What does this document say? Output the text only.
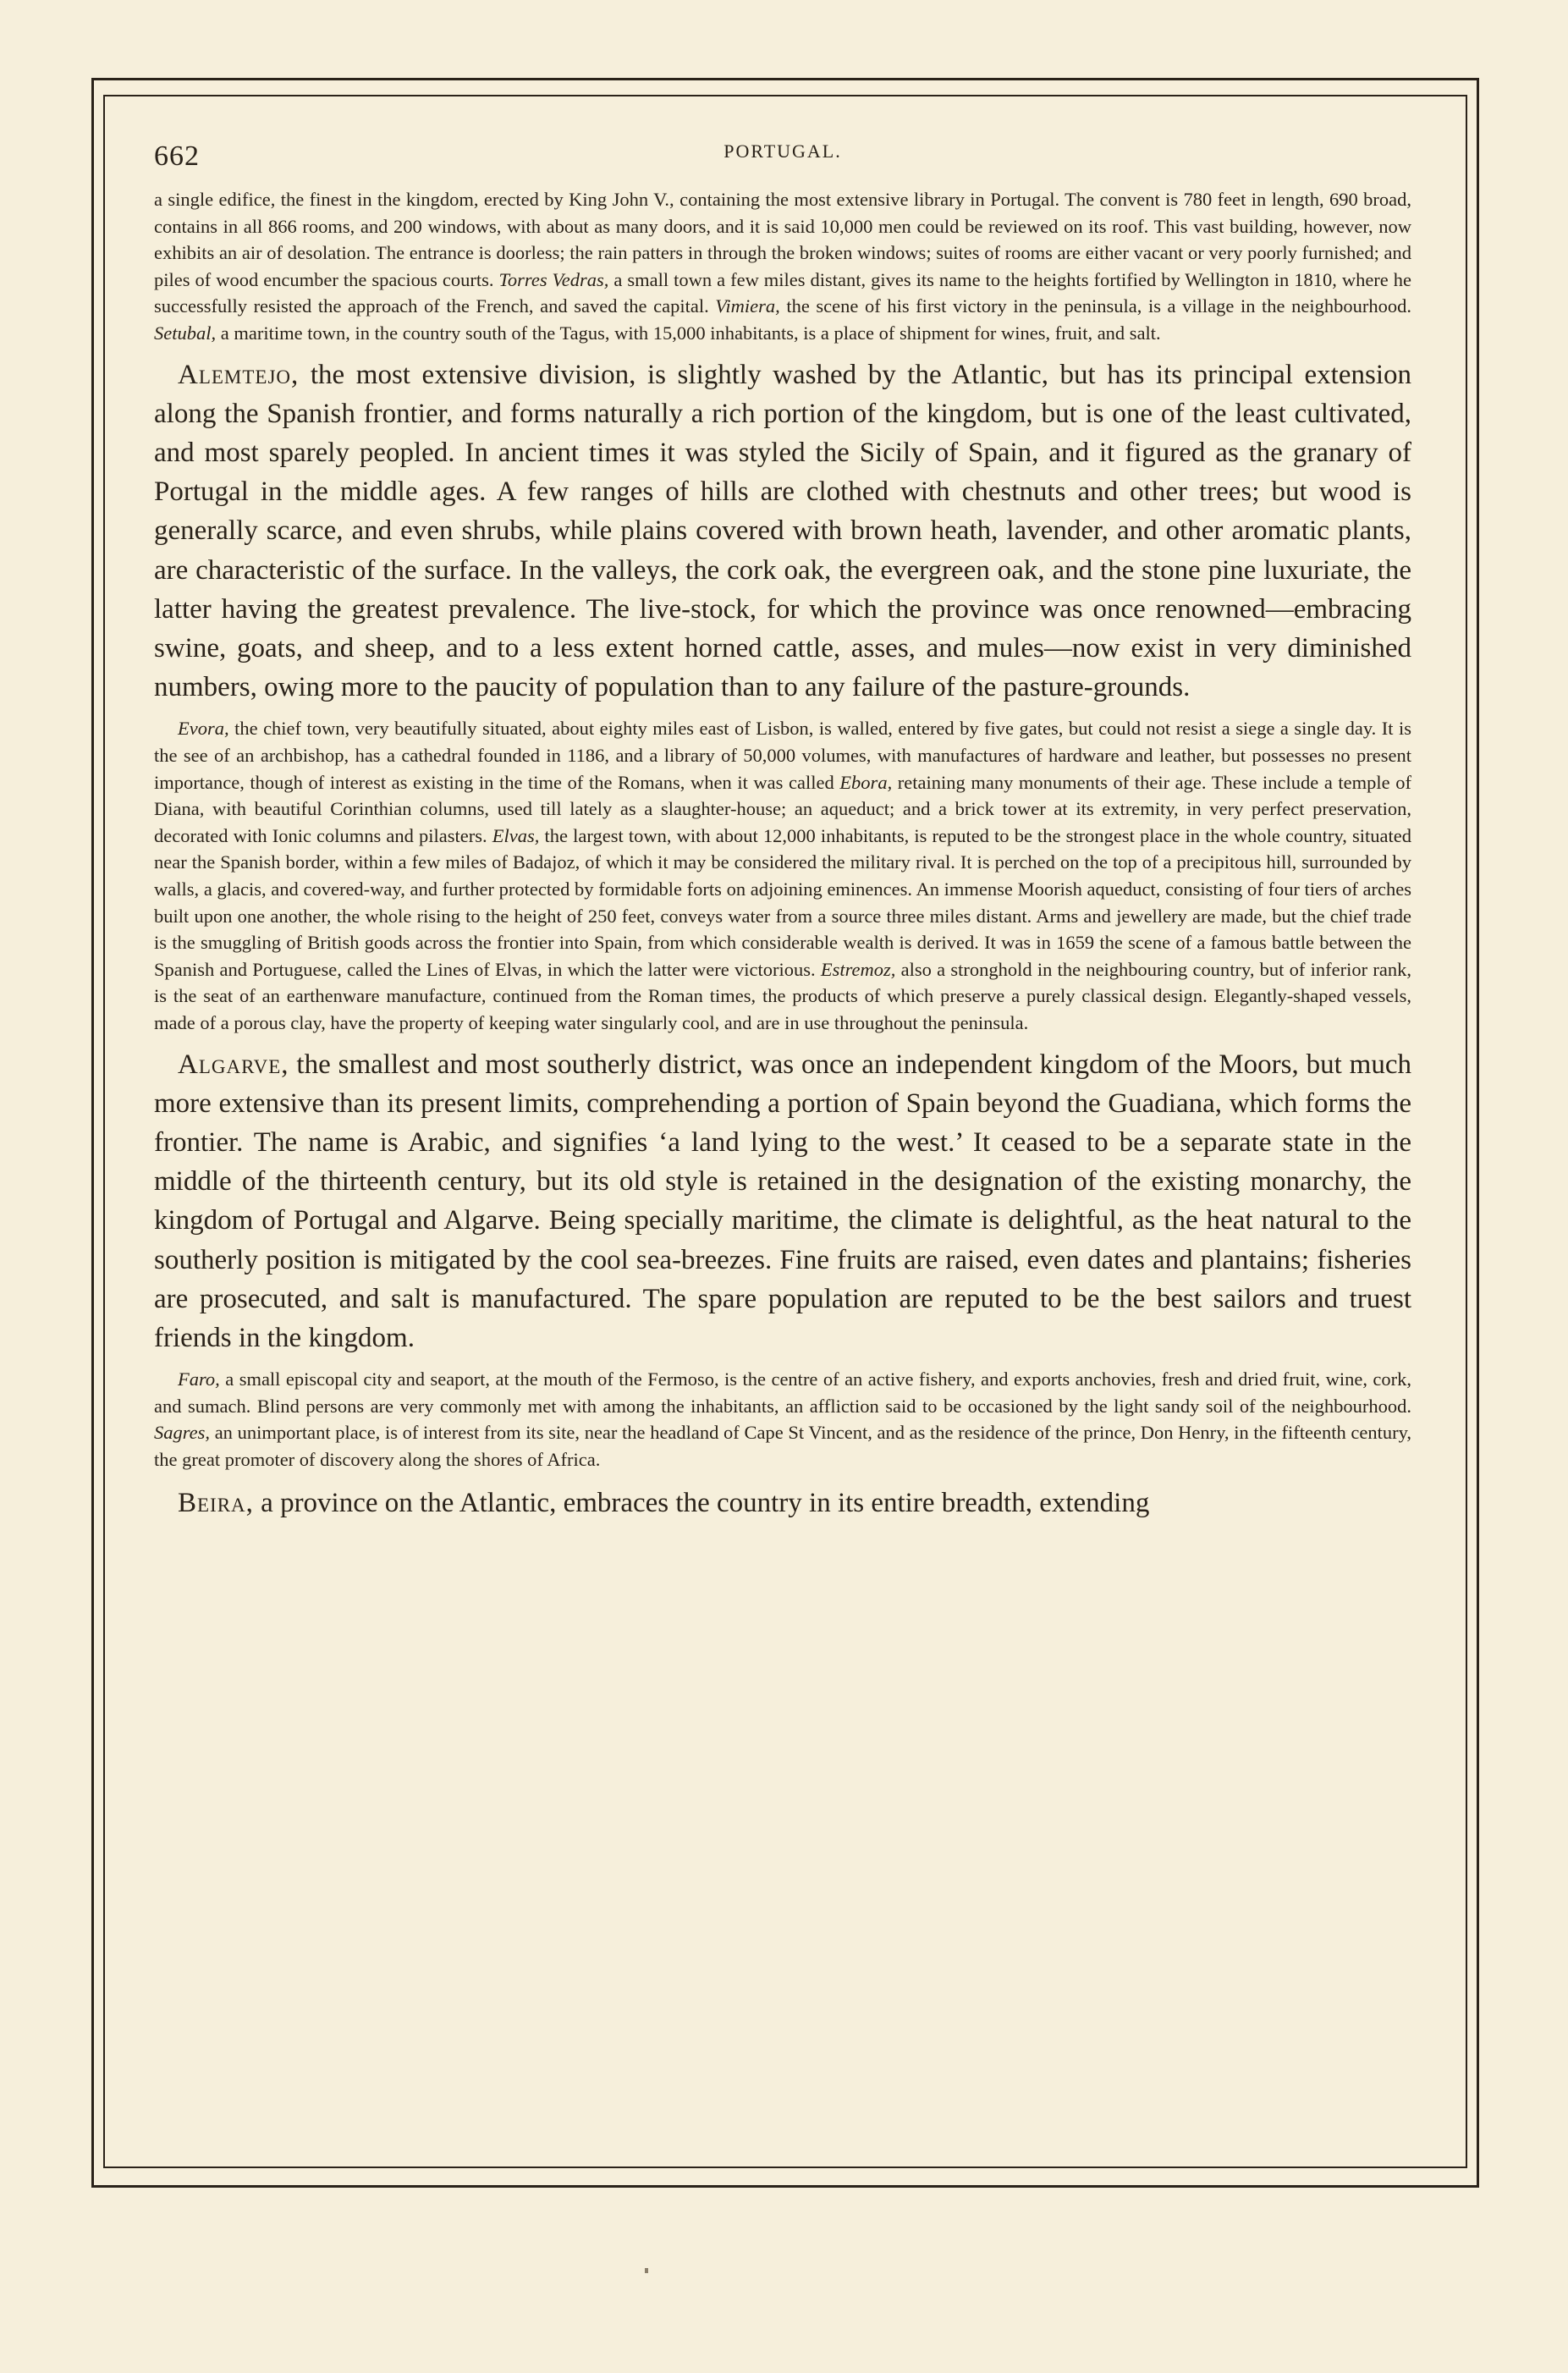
662	PORTUGAL.

a single edifice, the finest in the kingdom, erected by King John V., containing the most extensive library in Portugal. The convent is 780 feet in length, 690 broad, contains in all 866 rooms, and 200 windows, with about as many doors, and it is said 10,000 men could be reviewed on its roof. This vast building, however, now exhibits an air of desolation. The entrance is doorless; the rain patters in through the broken windows; suites of rooms are either vacant or very poorly furnished; and piles of wood encumber the spacious courts. Torres Vedras, a small town a few miles distant, gives its name to the heights fortified by Wellington in 1810, where he successfully resisted the approach of the French, and saved the capital. Vimiera, the scene of his first victory in the peninsula, is a village in the neighbourhood. Setubal, a maritime town, in the country south of the Tagus, with 15,000 inhabitants, is a place of shipment for wines, fruit, and salt.

Alemtejo, the most extensive division, is slightly washed by the Atlantic, but has its principal extension along the Spanish frontier, and forms naturally a rich portion of the kingdom, but is one of the least cultivated, and most sparely peopled. In ancient times it was styled the Sicily of Spain, and it figured as the granary of Portugal in the middle ages. A few ranges of hills are clothed with chestnuts and other trees; but wood is generally scarce, and even shrubs, while plains covered with brown heath, lavender, and other aromatic plants, are characteristic of the surface. In the valleys, the cork oak, the evergreen oak, and the stone pine luxuriate, the latter having the greatest prevalence. The live-stock, for which the province was once renowned—embracing swine, goats, and sheep, and to a less extent horned cattle, asses, and mules—now exist in very diminished numbers, owing more to the paucity of population than to any failure of the pasture-grounds.

Evora, the chief town, very beautifully situated, about eighty miles east of Lisbon, is walled, entered by five gates, but could not resist a siege a single day. It is the see of an archbishop, has a cathedral founded in 1186, and a library of 50,000 volumes, with manufactures of hardware and leather, but possesses no present importance, though of interest as existing in the time of the Romans, when it was called Ebora, retaining many monuments of their age. These include a temple of Diana, with beautiful Corinthian columns, used till lately as a slaughter-house; an aqueduct; and a brick tower at its extremity, in very perfect preservation, decorated with Ionic columns and pilasters. Elvas, the largest town, with about 12,000 inhabitants, is reputed to be the strongest place in the whole country, situated near the Spanish border, within a few miles of Badajoz, of which it may be considered the military rival. It is perched on the top of a precipitous hill, surrounded by walls, a glacis, and covered-way, and further protected by formidable forts on adjoining eminences. An immense Moorish aqueduct, consisting of four tiers of arches built upon one another, the whole rising to the height of 250 feet, conveys water from a source three miles distant. Arms and jewellery are made, but the chief trade is the smuggling of British goods across the frontier into Spain, from which considerable wealth is derived. It was in 1659 the scene of a famous battle between the Spanish and Portuguese, called the Lines of Elvas, in which the latter were victorious. Estremoz, also a stronghold in the neighbouring country, but of inferior rank, is the seat of an earthenware manufacture, continued from the Roman times, the products of which preserve a purely classical design. Elegantly-shaped vessels, made of a porous clay, have the property of keeping water singularly cool, and are in use throughout the peninsula.

Algarve, the smallest and most southerly district, was once an independent kingdom of the Moors, but much more extensive than its present limits, comprehending a portion of Spain beyond the Guadiana, which forms the frontier. The name is Arabic, and signifies ‘a land lying to the west.’ It ceased to be a separate state in the middle of the thirteenth century, but its old style is retained in the designation of the existing monarchy, the kingdom of Portugal and Algarve. Being specially maritime, the climate is delightful, as the heat natural to the southerly position is mitigated by the cool sea-breezes. Fine fruits are raised, even dates and plantains; fisheries are prosecuted, and salt is manufactured. The spare population are reputed to be the best sailors and truest friends in the kingdom.

Faro, a small episcopal city and seaport, at the mouth of the Fermoso, is the centre of an active fishery, and exports anchovies, fresh and dried fruit, wine, cork, and sumach. Blind persons are very commonly met with among the inhabitants, an affliction said to be occasioned by the light sandy soil of the neighbourhood. Sagres, an unimportant place, is of interest from its site, near the headland of Cape St Vincent, and as the residence of the prince, Don Henry, in the fifteenth century, the great promoter of discovery along the shores of Africa.

Beira, a province on the Atlantic, embraces the country in its entire breadth, extending
